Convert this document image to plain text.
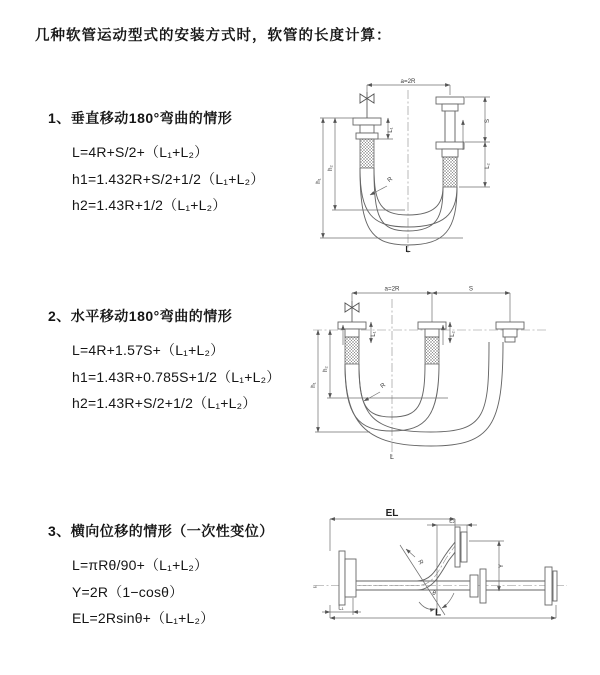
几种软管运动型式的安装方式时，软管的长度计算：
1、垂直移动180°弯曲的情形
L=4R+S/2+（L₁+L₂）
h1=1.432R+S/2+1/2（L₁+L₂）
h2=1.43R+1/2（L₁+L₂）
2、水平移动180°弯曲的情形
L=4R+1.57S+（L₁+L₂）
h1=1.43R+0.785S+1/2（L₁+L₂）
h2=1.43R+S/2+1/2（L₁+L₂）
3、横向位移的情形（一次性变位）
L=πRθ/90+（L₁+L₂）
Y=2R（1−cosθ）
EL=2Rsinθ+（L₁+L₂）
a=2R
h₁
h₂
L₁
S
L₂
R
L
a=2R	S
h₁
h₂
L₁	L₂
R
L
≈
EL
L₂
Y
θ
R
L₁	L
